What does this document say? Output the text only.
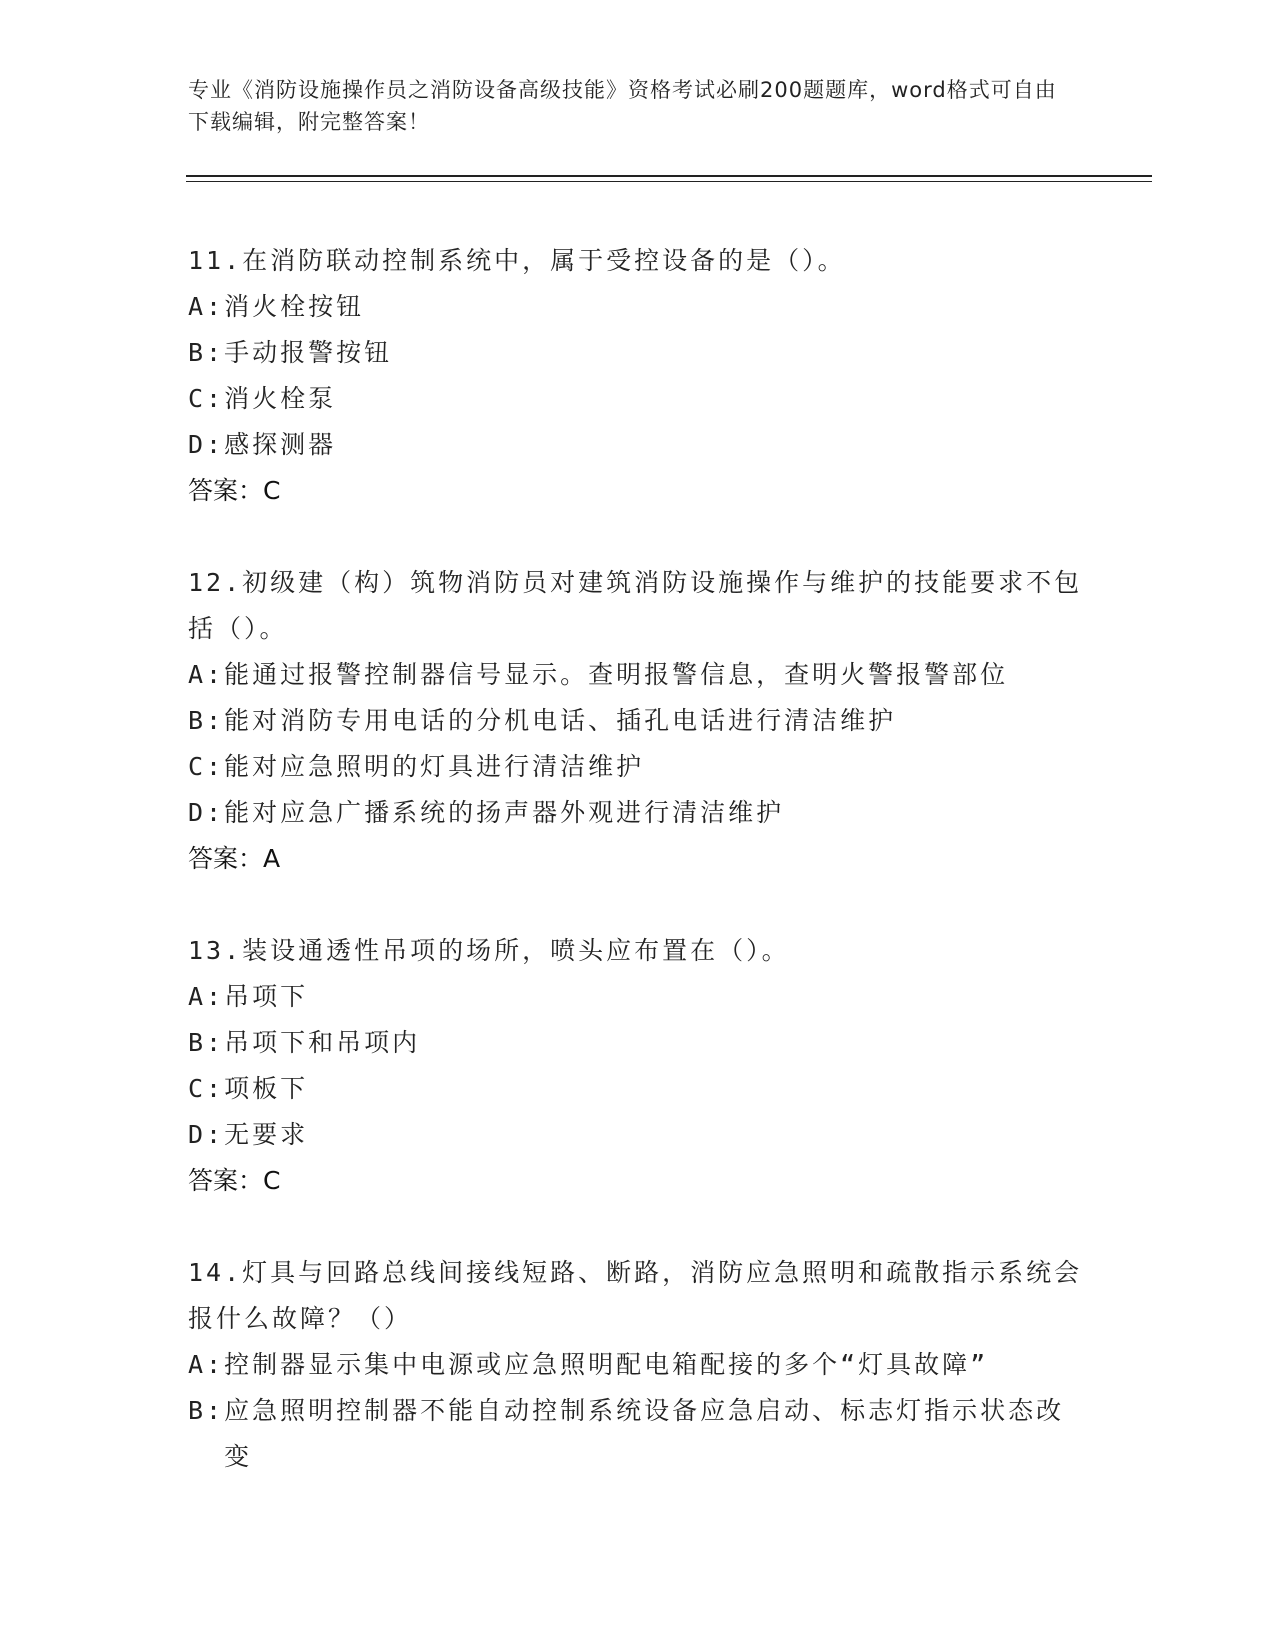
专业《消防设施操作员之消防设备高级技能》资格考试必刷200题题库，word格式可自由下载编辑，附完整答案！
11.在消防联动控制系统中，属于受控设备的是（）。
A: 消火栓按钮
B: 手动报警按钮
C: 消火栓泵
D: 感探测器
答案：C
12.初级建（构）筑物消防员对建筑消防设施操作与维护的技能要求不包括（）。
A: 能通过报警控制器信号显示。查明报警信息，查明火警报警部位
B: 能对消防专用电话的分机电话、插孔电话进行清洁维护
C: 能对应急照明的灯具进行清洁维护
D: 能对应急广播系统的扬声器外观进行清洁维护
答案：A
13.装设通透性吊项的场所，喷头应布置在（）。
A: 吊项下
B: 吊项下和吊项内
C: 项板下
D: 无要求
答案：C
14.灯具与回路总线间接线短路、断路，消防应急照明和疏散指示系统会报什么故障？（）
A: 控制器显示集中电源或应急照明配电箱配接的多个“灯具故障”
B: 应急照明控制器不能自动控制系统设备应急启动、标志灯指示状态改变
